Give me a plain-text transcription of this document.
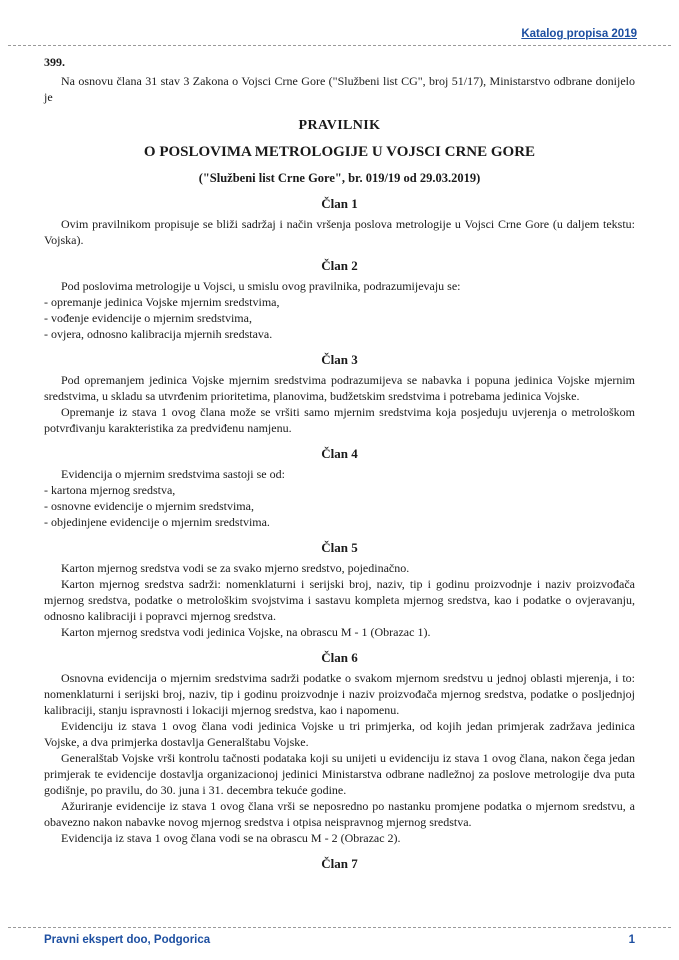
Katalog propisa 2019

399.

Na osnovu člana 31 stav 3 Zakona o Vojsci Crne Gore ("Službeni list CG", broj 51/17), Ministarstvo odbrane donijelo je

PRAVILNIK
O POSLOVIMA METROLOGIJE U VOJSCI CRNE GORE

("Službeni list Crne Gore", br. 019/19 od 29.03.2019)

Član 1

Ovim pravilnikom propisuje se bliži sadržaj i način vršenja poslova metrologije u Vojsci Crne Gore (u daljem tekstu: Vojska).

Član 2

Pod poslovima metrologije u Vojsci, u smislu ovog pravilnika, podrazumijevaju se:

- opremanje jedinica Vojske mjernim sredstvima,

- vođenje evidencije o mjernim sredstvima,

- ovjera, odnosno kalibracija mjernih sredstava.

Član 3

Pod opremanjem jedinica Vojske mjernim sredstvima podrazumijeva se nabavka i popuna jedinica Vojske mjernim sredstvima, u skladu sa utvrđenim prioritetima, planovima, budžetskim sredstvima i potrebama jedinica Vojske.

Opremanje iz stava 1 ovog člana može se vršiti samo mjernim sredstvima koja posjeduju uvjerenja o metrološkom potvrđivanju karakteristika za predviđenu namjenu.

Član 4

Evidencija o mjernim sredstvima sastoji se od:

- kartona mjernog sredstva,

- osnovne evidencije o mjernim sredstvima,

- objedinjene evidencije o mjernim sredstvima.

Član 5

Karton mjernog sredstva vodi se za svako mjerno sredstvo, pojedinačno.

Karton mjernog sredstva sadrži: nomenklaturni i serijski broj, naziv, tip i godinu proizvodnje i naziv proizvođača mjernog sredstva, podatke o metrološkim svojstvima i sastavu kompleta mjernog sredstva, kao i podatke o ovjeravanju, odnosno kalibraciji i popravci mjernog sredstva.

Karton mjernog sredstva vodi jedinica Vojske, na obrascu M - 1 (Obrazac 1).

Član 6

Osnovna evidencija o mjernim sredstvima sadrži podatke o svakom mjernom sredstvu u jednoj oblasti mjerenja, i to: nomenklaturni i serijski broj, naziv, tip i godinu proizvodnje i naziv proizvođača mjernog sredstva, podatke o posljednjoj kalibraciji, stanju ispravnosti i lokaciji mjernog sredstva, kao i napomenu.

Evidenciju iz stava 1 ovog člana vodi jedinica Vojske u tri primjerka, od kojih jedan primjerak zadržava jedinica Vojske, a dva primjerka dostavlja Generalštabu Vojske.

Generalštab Vojske vrši kontrolu tačnosti podataka koji su unijeti u evidenciju iz stava 1 ovog člana, nakon čega jedan primjerak te evidencije dostavlja organizacionoj jedinici Ministarstva odbrane nadležnoj za poslove metrologije dva puta godišnje, po pravilu, do 30. juna i 31. decembra tekuće godine.

Ažuriranje evidencije iz stava 1 ovog člana vrši se neposredno po nastanku promjene podatka o mjernom sredstvu, a obavezno nakon nabavke novog mjernog sredstva i otpisa neispravnog mjernog sredstva.

Evidencija iz stava 1 ovog člana vodi se na obrascu M - 2 (Obrazac 2).

Član 7
Pravni ekspert doo, Podgorica	1
